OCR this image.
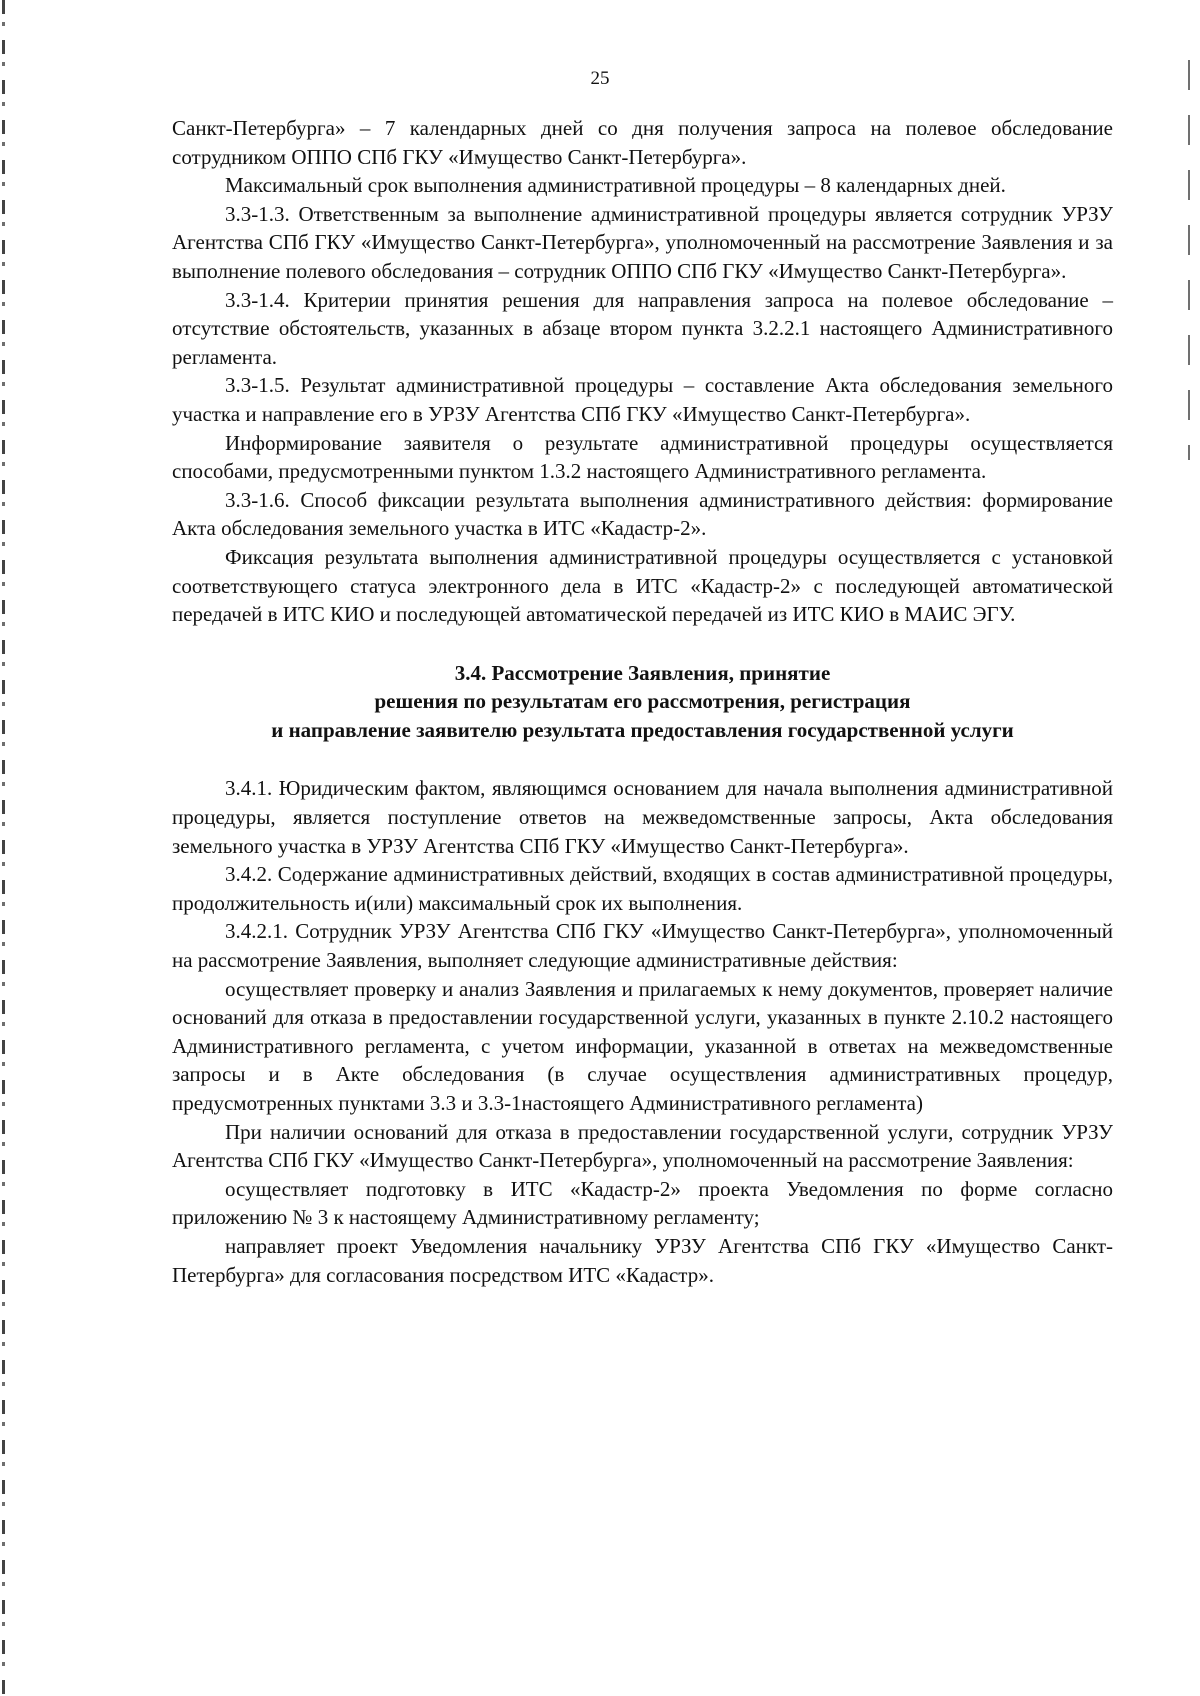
25

Санкт-Петербурга» – 7 календарных дней со дня получения запроса на полевое обследование сотрудником ОППО СПб ГКУ «Имущество Санкт-Петербурга».

Максимальный срок выполнения административной процедуры – 8 календарных дней.

3.3-1.3. Ответственным за выполнение административной процедуры является сотрудник УРЗУ Агентства СПб ГКУ «Имущество Санкт-Петербурга», уполномоченный на рассмотрение Заявления и за выполнение полевого обследования – сотрудник ОППО СПб ГКУ «Имущество Санкт-Петербурга».

3.3-1.4. Критерии принятия решения для направления запроса на полевое обследование – отсутствие обстоятельств, указанных в абзаце втором пункта 3.2.2.1 настоящего Административного регламента.

3.3-1.5. Результат административной процедуры – составление Акта обследования земельного участка и направление его в УРЗУ Агентства СПб ГКУ «Имущество Санкт-Петербурга».

Информирование заявителя о результате административной процедуры осуществляется способами, предусмотренными пунктом 1.3.2 настоящего Административного регламента.

3.3-1.6. Способ фиксации результата выполнения административного действия: формирование Акта обследования земельного участка в ИТС «Кадастр-2».

Фиксация результата выполнения административной процедуры осуществляется с установкой соответствующего статуса электронного дела в ИТС «Кадастр-2» с последующей автоматической передачей в ИТС КИО и последующей автоматической передачей из ИТС КИО в МАИС ЭГУ.

3.4. Рассмотрение Заявления, принятие
решения по результатам его рассмотрения, регистрация
и направление заявителю результата предоставления государственной услуги

3.4.1. Юридическим фактом, являющимся основанием для начала выполнения административной процедуры, является поступление ответов на межведомственные запросы, Акта обследования земельного участка в УРЗУ Агентства СПб ГКУ «Имущество Санкт-Петербурга».

3.4.2. Содержание административных действий, входящих в состав административной процедуры, продолжительность и(или) максимальный срок их выполнения.

3.4.2.1. Сотрудник УРЗУ Агентства СПб ГКУ «Имущество Санкт-Петербурга», уполномоченный на рассмотрение Заявления, выполняет следующие административные действия:

осуществляет проверку и анализ Заявления и прилагаемых к нему документов, проверяет наличие оснований для отказа в предоставлении государственной услуги, указанных в пункте 2.10.2 настоящего Административного регламента, с учетом информации, указанной в ответах на межведомственные запросы и в Акте обследования (в случае осуществления административных процедур, предусмотренных пунктами 3.3 и 3.3-1настоящего Административного регламента)

При наличии оснований для отказа в предоставлении государственной услуги, сотрудник УРЗУ Агентства СПб ГКУ «Имущество Санкт-Петербурга», уполномоченный на рассмотрение Заявления:

осуществляет подготовку в ИТС «Кадастр-2» проекта Уведомления по форме согласно приложению № 3 к настоящему Административному регламенту;

направляет проект Уведомления начальнику УРЗУ Агентства СПб ГКУ «Имущество Санкт-Петербурга» для согласования посредством ИТС «Кадастр».
